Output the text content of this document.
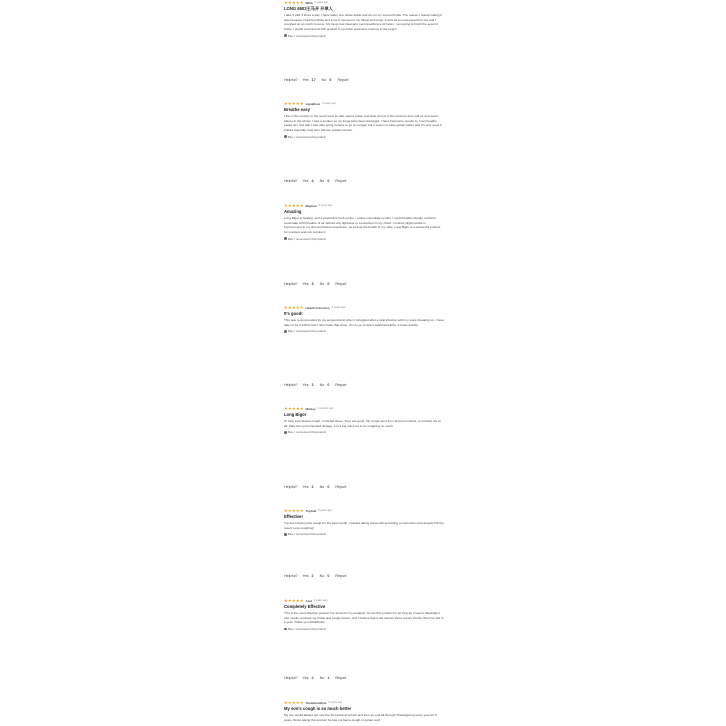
Willa 5 years ago
LONG 6503王马开 开草人
I take 5 pills 3 times a day. I have taken one whole bottle and am on my second bottle. The reason I started taking it was because I had bronchitis and a lot of mucous in my throat and lungs. It acts as an expectorant for me and I coughed up so much mucous. My lungs feel clear and I am breathing a lot better. I am going to finish the second bottle. I would recommend this product if you have excessive mucous in the lungs!
Yes, I recommend this product
Helpful? Yes 17 No 0 Report
signallove 2 years ago
Breathe easy
I live in the country in the south west so that means pollen and dust storms in the summer and cold air and wood places in the winter. I was a smoker so my lungs have been damaged. I have had some results so I can breathe easier as I feel that I was able going to have to go on oxygen but it seems to have gotten better and I'm only used 2 bottles hopefully long term will see greater results.
Yes, I recommend this product
Helpful? Yes 4 No 0 Report
Maymai 3 years ago
Amazing
Long Bigor is healing, and a productive herb recipe. I notice immediate results. I could breathe deeply, and felt I could take a full breathe of air without any tightness or constriction in my chest. I noticed slight results in improvement in my skin and facial complexion, as well as the health of my nails. Long Bigor is a wonderful product for smokers and non smokers!
Yes, I recommend this product
Helpful? Yes 3 No 0 Report
Health Francisco 6 years ago
It's good!
This was recommended by my acupuncturist when I struggled after a viral infection with my voice breaking up. I have taken it for 3 100ml and I don't have that issue. It's my go to when weak/unhealthy. It heals quickly.
Yes, I recommend this product
Helpful? Yes 3 No 0 Report
Mickey 2 months ago
Long Bigor
To help a persistent cough, I ordered these. They are good. My cough went from almost constant, to virtually not at all. Take the recommended dosage. It is a big relief not to be coughing so much.
Yes, I recommend this product
Helpful? Yes 2 No 0 Report
Topfolk 5 years ago
Effective!
I've been having this cough for the past month. I started taking these pills according to instruction and already felt the result. Less coughing!
Yes, I recommend this product
Helpful? Yes 2 No 0 Report
Axel 2 years ago
Completely Effective
This is the most effective product I've found for my situation. I'll use this product for as long as I need it. Basically it has mostly resolved my throat and cough issues. And I believe that it will resolve these issues shortly. Best I've felt in a year. Thank you Allwethinks.
Yes, I recommend this product
Helpful? Yes 2 No 1 Report
TumpkinsMom 6 years ago
My son's cough is so much better
My son would always get sick the first week of school and then an end all through Thanksgiving every year for 8 years. Since taking this product he has not had a cough or gotten sick!
